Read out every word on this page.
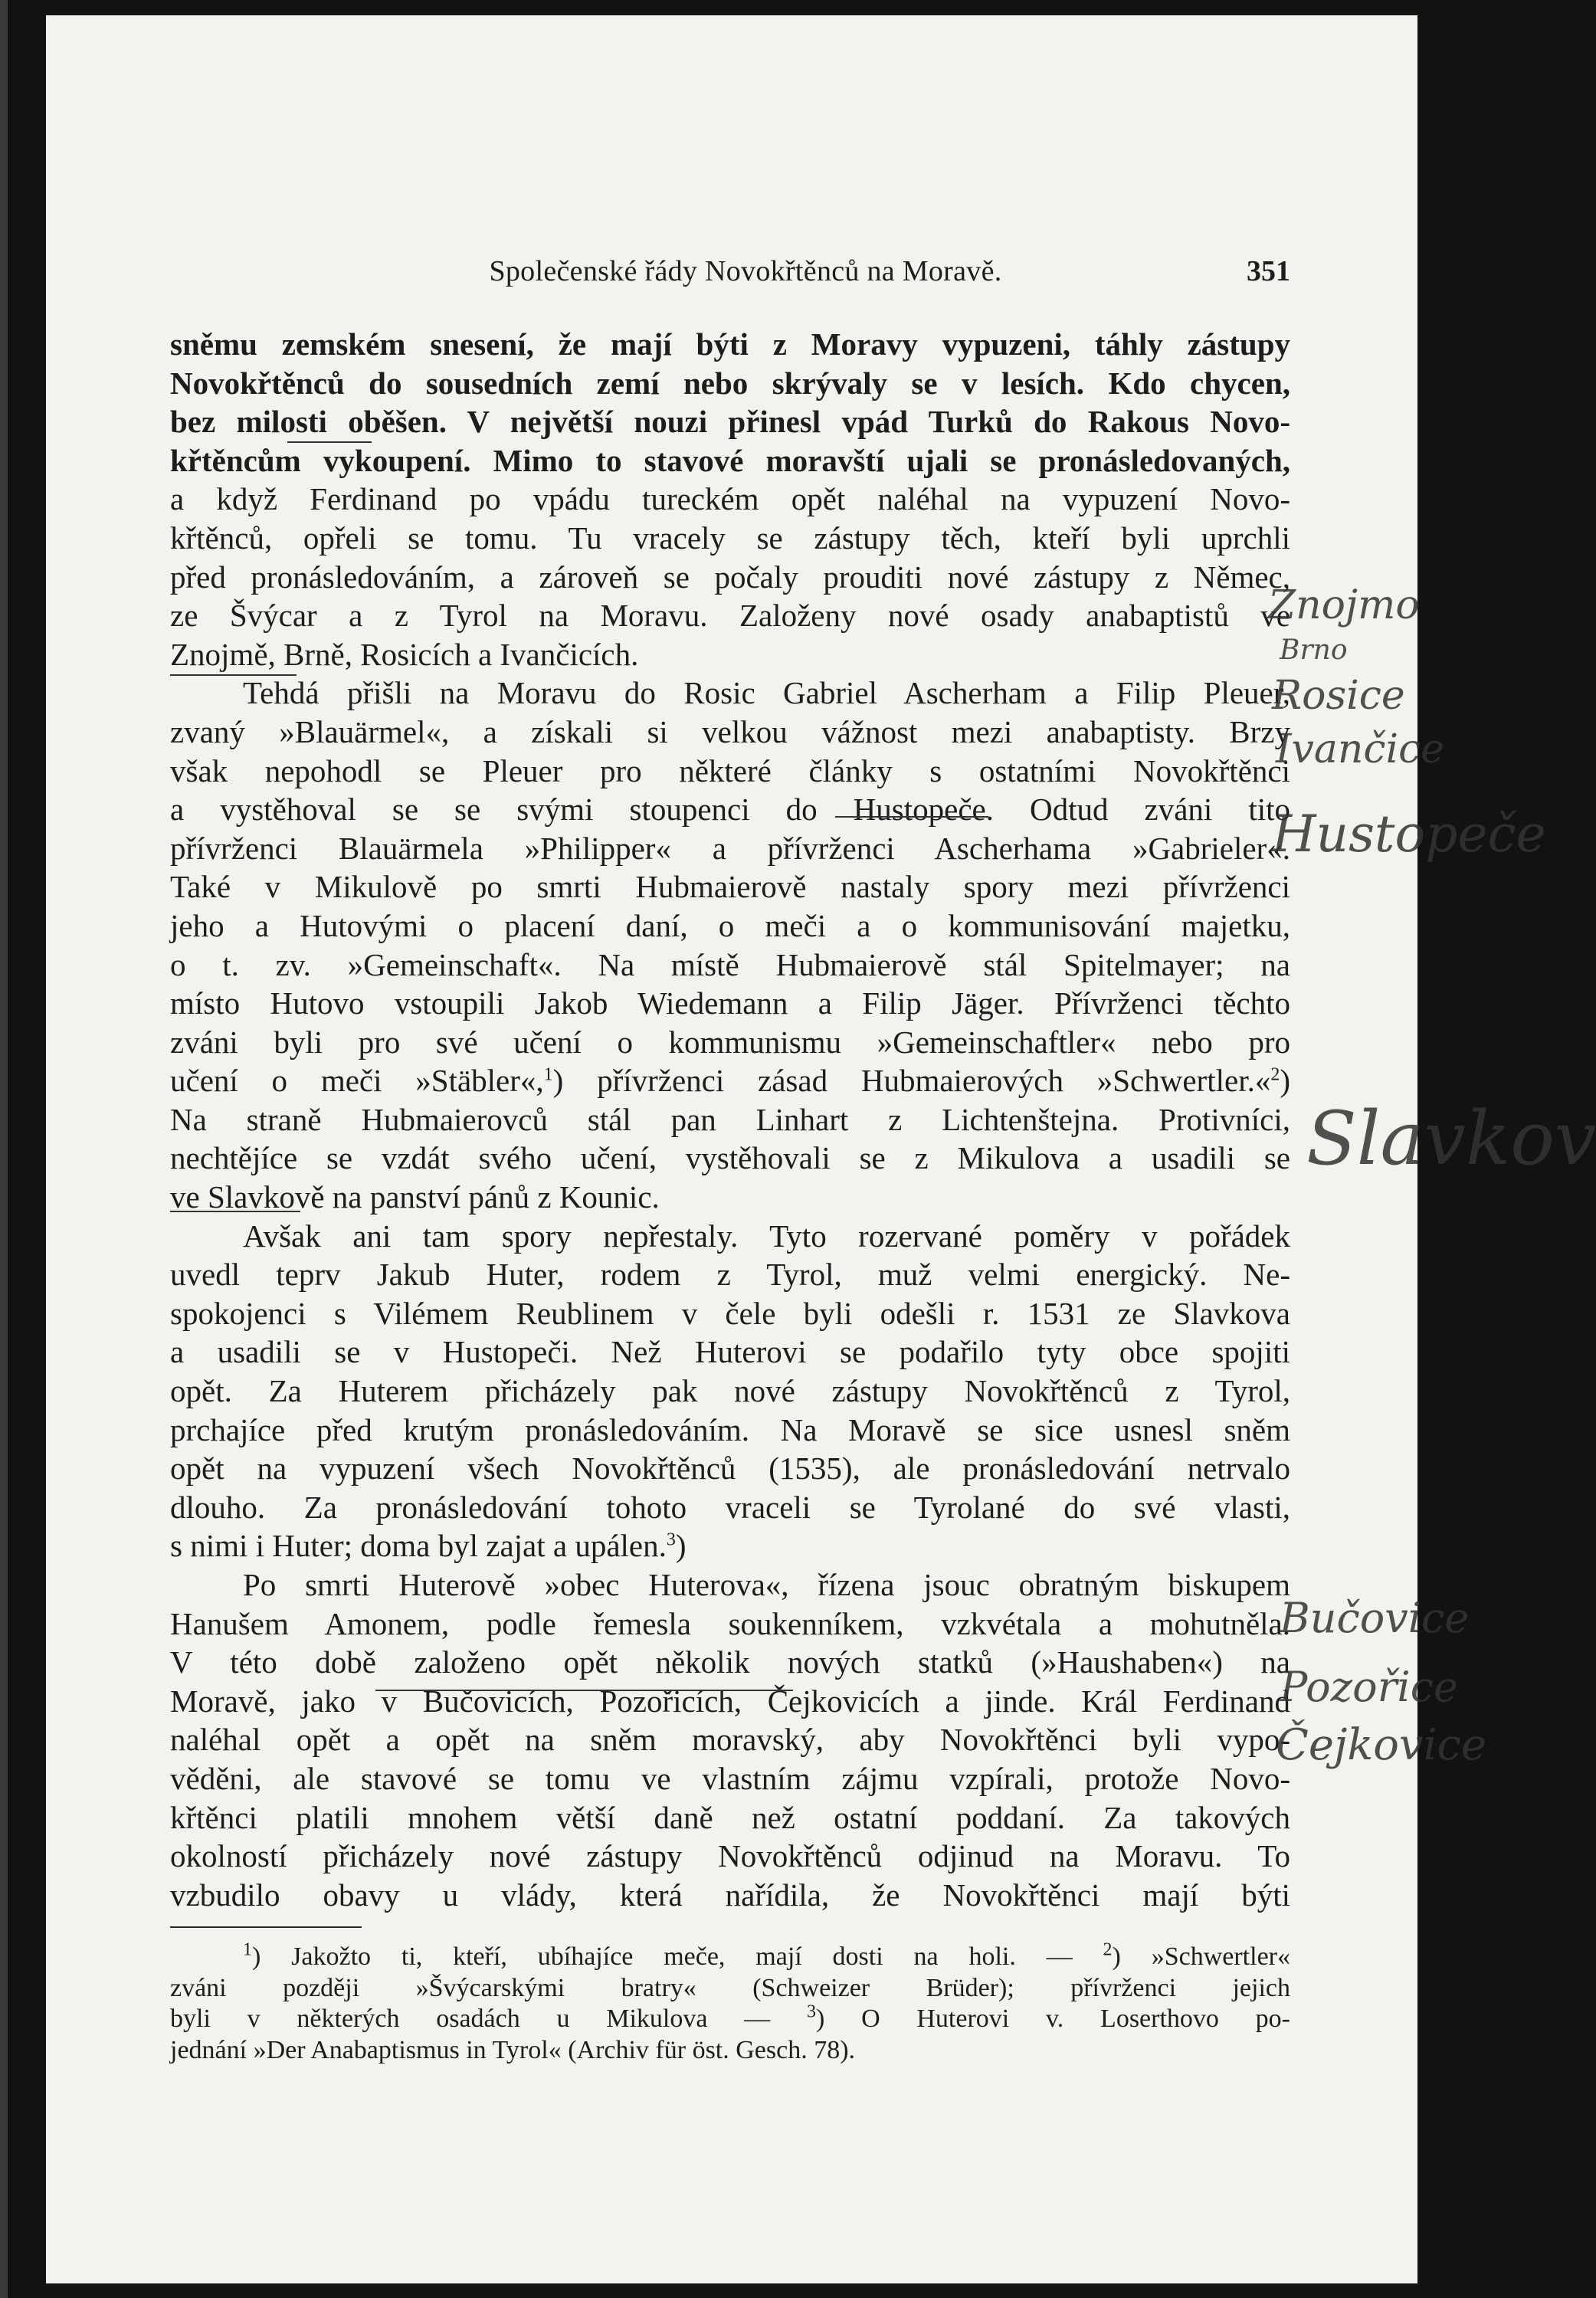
Společenské řády Novokřtěnců na Moravě.	351
sněmu zemském snesení, že mají býti z Moravy vypuzeni, táhly zástupy
Novokřtěnců do sousedních zemí nebo skrývaly se v lesích. Kdo chycen,
bez milosti oběšen. V největší nouzi přinesl vpád Turků do Rakous Novo-
křtěncům vykoupení. Mimo to stavové moravští ujali se pronásledovaných,
a když Ferdinand po vpádu tureckém opět naléhal na vypuzení Novo-
křtěnců, opřeli se tomu. Tu vracely se zástupy těch, kteří byli uprchli
před pronásledováním, a zároveň se počaly prouditi nové zástupy z Němec,
ze Švýcar a z Tyrol na Moravu. Založeny nové osady anabaptistů ve
Znojmě, Brně, Rosicích a Ivančicích.
Tehdá přišli na Moravu do Rosic Gabriel Ascherham a Filip Pleuer,
zvaný »Blauärmel«, a získali si velkou vážnost mezi anabaptisty. Brzy
však nepohodl se Pleuer pro některé články s ostatními Novokřtěnci
a vystěhoval se se svými stoupenci do Hustopeče. Odtud zváni tito
přívrženci Blauärmela »Philipper« a přívrženci Ascherhama »Gabrieler«.
Také v Mikulově po smrti Hubmaierově nastaly spory mezi přívrženci
jeho a Hutovými o placení daní, o meči a o kommunisování majetku,
o t. zv. »Gemeinschaft«. Na místě Hubmaierově stál Spitelmayer; na
místo Hutovo vstoupili Jakob Wiedemann a Filip Jäger. Přívrženci těchto
zváni byli pro své učení o kommunismu »Gemeinschaftler« nebo pro
učení o meči »Stäbler«,$^1$) přívrženci zásad Hubmaierových »Schwertler.«$^2$)
Na straně Hubmaierovců stál pan Linhart z Lichtenštejna. Protivníci,
nechtějíce se vzdát svého učení, vystěhovali se z Mikulova a usadili se
ve Slavkově na panství pánů z Kounic.
Avšak ani tam spory nepřestaly. Tyto rozervané poměry v pořádek
uvedl teprv Jakub Huter, rodem z Tyrol, muž velmi energický. Ne-
spokojenci s Vilémem Reublinem v čele byli odešli r. 1531 ze Slavkova
a usadili se v Hustopeči. Než Huterovi se podařilo tyty obce spojiti
opět. Za Huterem přicházely pak nové zástupy Novokřtěnců z Tyrol,
prchajíce před krutým pronásledováním. Na Moravě se sice usnesl sněm
opět na vypuzení všech Novokřtěnců (1535), ale pronásledování netrvalo
dlouho. Za pronásledování tohoto vraceli se Tyrolané do své vlasti,
s nimi i Huter; doma byl zajat a upálen.$^3$)
Po smrti Huterově »obec Huterova«, řízena jsouc obratným biskupem
Hanušem Amonem, podle řemesla soukenníkem, vzkvétala a mohutněla.
V této době založeno opět několik nových statků (»Haushaben«) na
Moravě, jako v Bučovicích, Pozořicích, Čejkovicích a jinde. Král Ferdinand
naléhal opět a opět na sněm moravský, aby Novokřtěnci byli vypo-
věděni, ale stavové se tomu ve vlastním zájmu vzpírali, protože Novo-
křtěnci platili mnohem větší daně než ostatní poddaní. Za takových
okolností přicházely nové zástupy Novokřtěnců odjinud na Moravu. To
vzbudilo obavy u vlády, která nařídila, že Novokřtěnci mají býti
$^1$) Jakožto ti, kteří, ubíhajíce meče, mají dosti na holi. — $^2$) »Schwertler«
zváni později »Švýcarskými bratry« (Schweizer Brüder); přívrženci jejich
byli v některých osadách u Mikulova — $^3$) O Huterovi v. Loserthovo po-
jednání »Der Anabaptismus in Tyrol« (Archiv für öst. Gesch. 78).
Znojmo
Brno
Rosice
Ivančice
Hustopeče
Slavkov
Bučovice
Pozořice
Čejkovice
